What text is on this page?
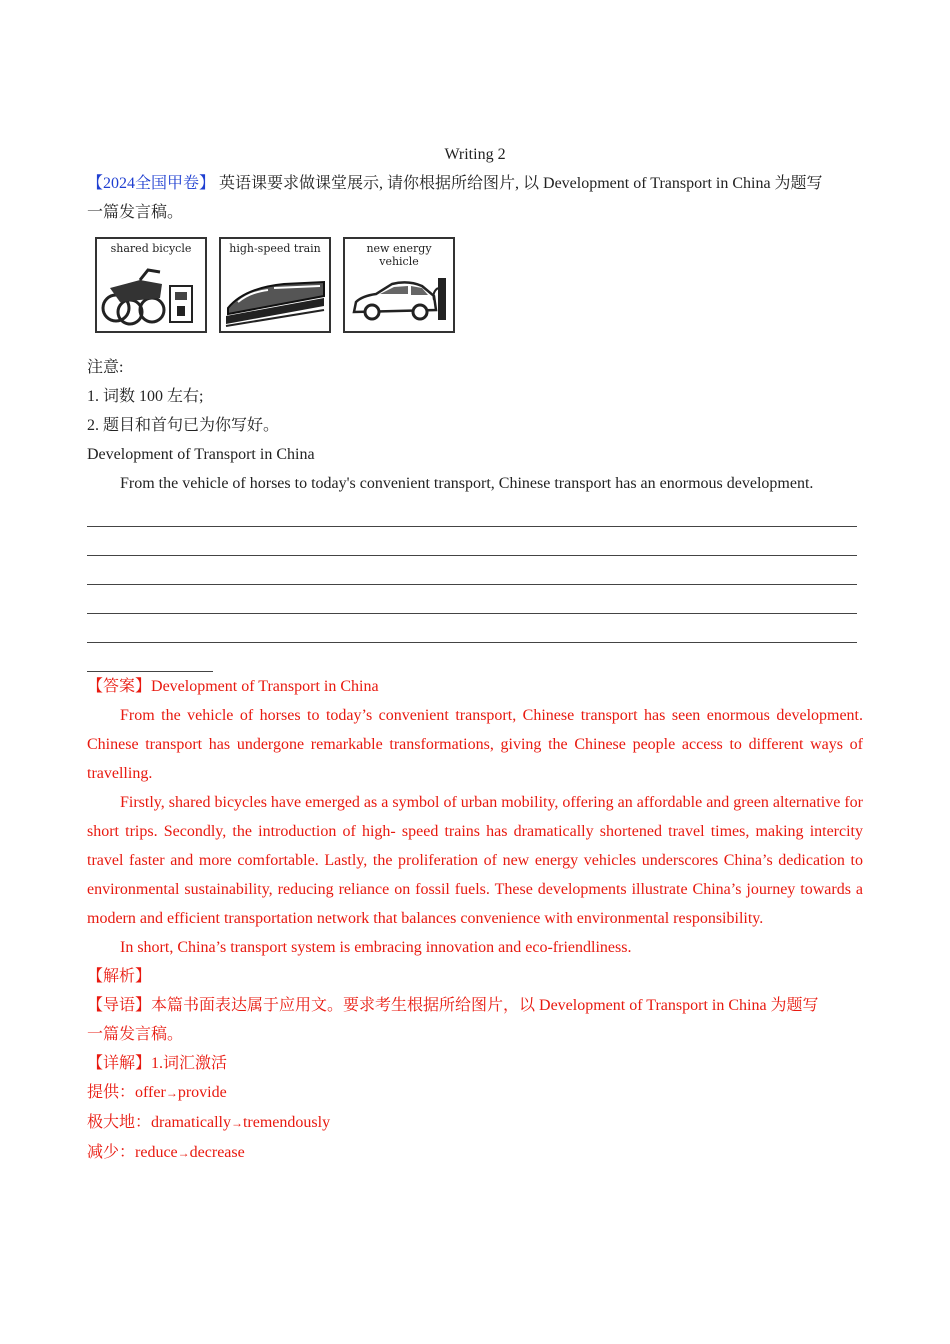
Writing 2

【2024全国甲卷】 英语课要求做课堂展示, 请你根据所给图片, 以 Development of Transport in China 为题写

一篇发言稿。

shared bicycle	high-speed train	new energy vehicle

注意:

1. 词数 100 左右;

2. 题目和首句已为你写好。

Development of Transport in China

From the vehicle of horses to today's convenient transport, Chinese transport has an enormous development.

【答案】Development of Transport in China

From the vehicle of horses to today’s convenient transport, Chinese transport has seen enormous development. Chinese transport has undergone remarkable transformations, giving the Chinese people access to different ways of travelling.

Firstly, shared bicycles have emerged as a symbol of urban mobility, offering an affordable and green alternative for short trips. Secondly, the introduction of high- speed trains has dramatically shortened travel times, making intercity travel faster and more comfortable. Lastly, the proliferation of new energy vehicles underscores China’s dedication to environmental sustainability, reducing reliance on fossil fuels. These developments illustrate China’s journey towards a modern and efficient transportation network that balances convenience with environmental responsibility.

In short, China’s transport system is embracing innovation and eco-friendliness.

【解析】

【导语】本篇书面表达属于应用文。要求考生根据所给图片，以 Development of Transport in China 为题写

一篇发言稿。

【详解】1.词汇激活

提供：offer→provide

极大地：dramatically→tremendously

减少：reduce→decrease
